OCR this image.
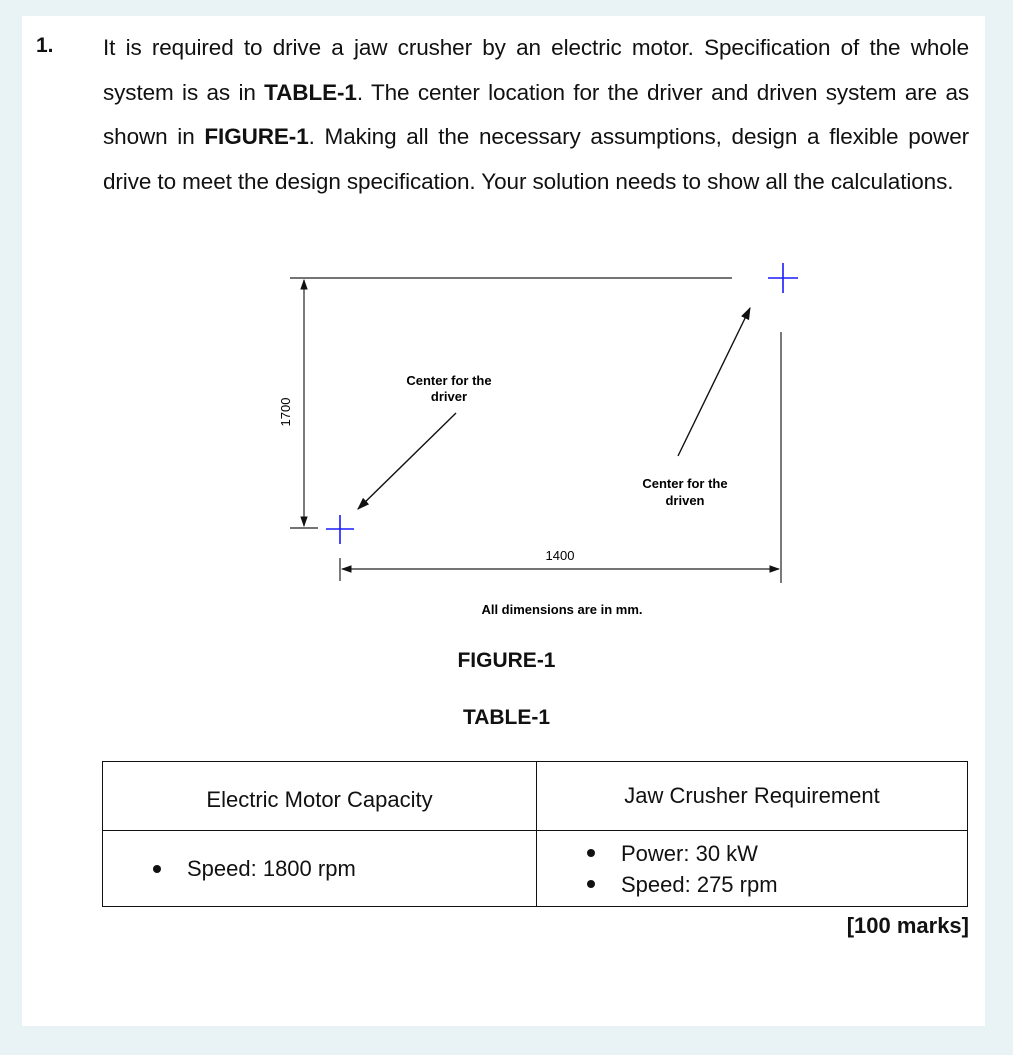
1. It is required to drive a jaw crusher by an electric motor. Specification of the whole system is as in TABLE-1. The center location for the driver and driven system are as shown in FIGURE-1. Making all the necessary assumptions, design a flexible power drive to meet the design specification. Your solution needs to show all the calculations.
Center for the
driver
Center for the
driven
1700
1400
All dimensions are in mm.
FIGURE-1
TABLE-1
Electric Motor Capacity	Jaw Crusher Requirement

Speed: 1800 rpm	Power: 30 kW
Speed: 275 rpm
[100 marks]
